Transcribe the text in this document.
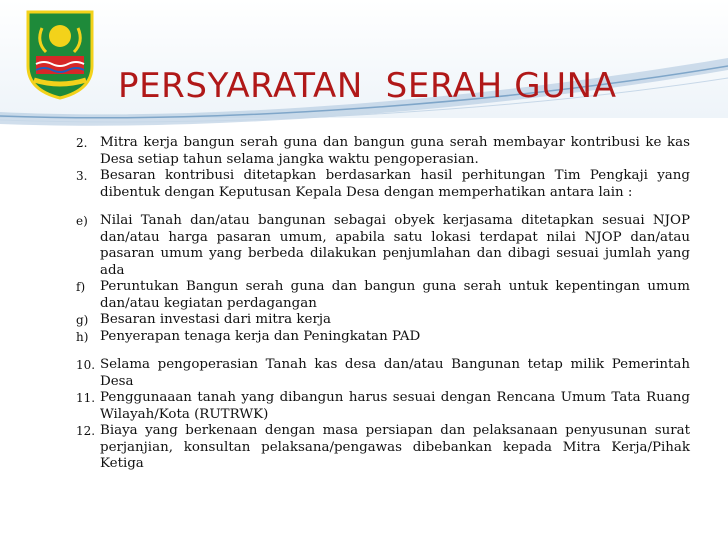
PERSYARATAN  SERAH GUNA
2. Mitra kerja bangun serah guna dan bangun guna serah membayar kontribusi ke kas Desa setiap tahun selama jangka waktu pengoperasian.
3. Besaran kontribusi ditetapkan berdasarkan hasil perhitungan Tim Pengkaji yang dibentuk dengan Keputusan Kepala Desa dengan memperhatikan antara lain :
e) Nilai Tanah dan/atau bangunan sebagai obyek kerjasama ditetapkan sesuai NJOP dan/atau harga pasaran umum, apabila satu lokasi terdapat nilai NJOP dan/atau pasaran umum yang berbeda dilakukan penjumlahan dan dibagi sesuai jumlah yang ada
f)	Peruntukan Bangun serah guna dan bangun guna serah untuk kepentingan umum dan/atau kegiatan perdagangan
g) Besaran investasi dari mitra kerja
h) Penyerapan tenaga kerja dan Peningkatan PAD
10. Selama pengoperasian Tanah kas desa dan/atau Bangunan tetap milik Pemerintah Desa
11. Penggunaaan tanah yang dibangun harus sesuai dengan Rencana Umum Tata Ruang Wilayah/Kota (RUTRWK)
12. Biaya yang berkenaan dengan masa persiapan dan pelaksanaan penyusunan surat perjanjian, konsultan pelaksana/pengawas dibebankan kepada Mitra Kerja/Pihak Ketiga
